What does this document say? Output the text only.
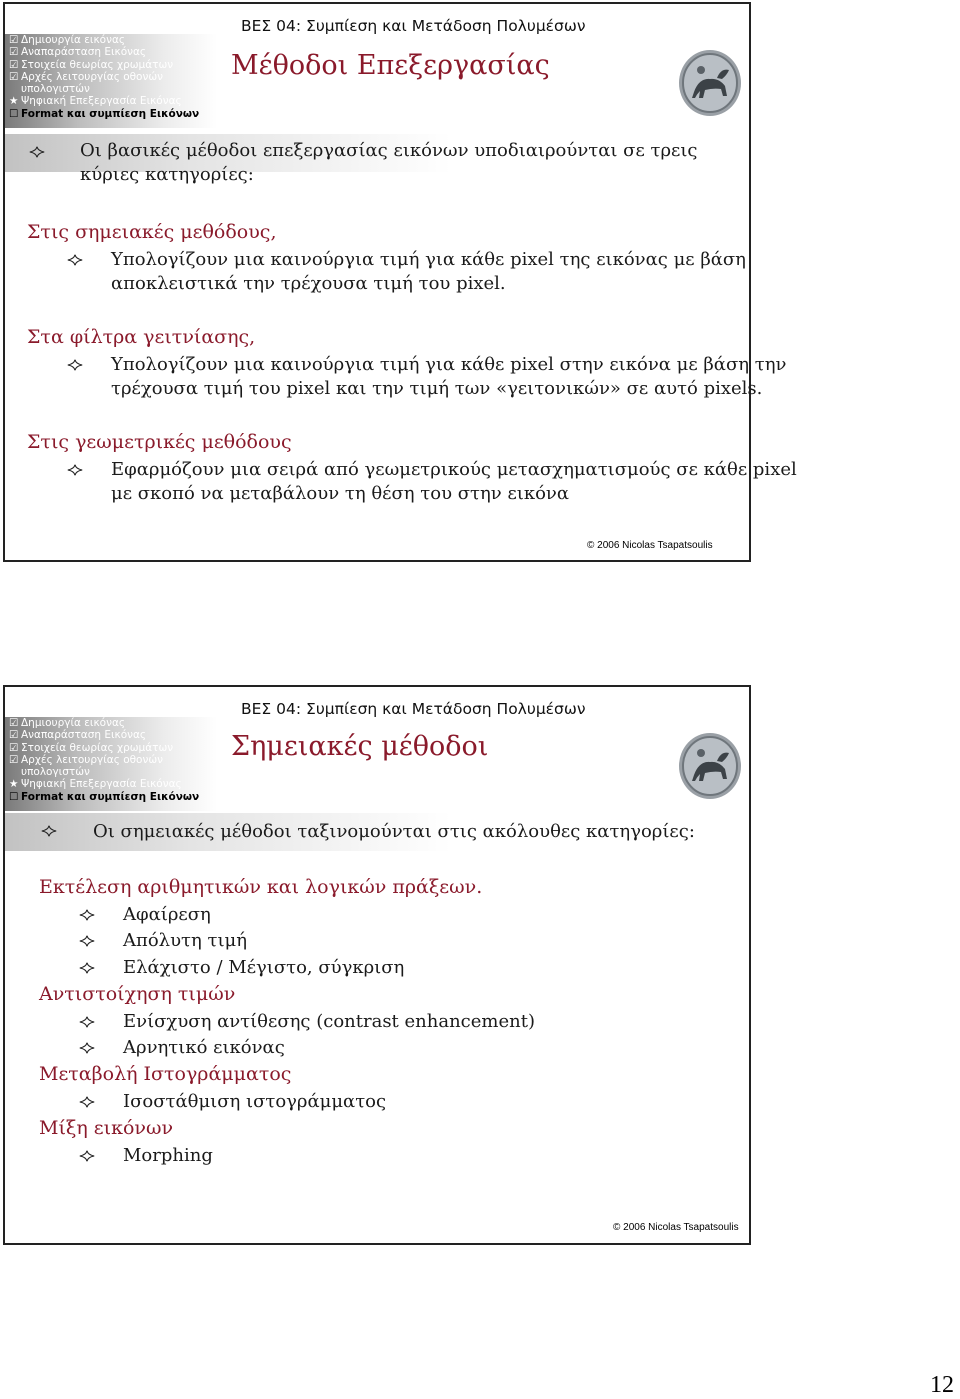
ΒΕΣ 04: Συμπίεση και Μετάδοση Πολυμέσων
☑ Δημιουργία εικόνας
☑ Αναπαράσταση Εικόνας
☑ Στοιχεία θεωρίας χρωμάτων
☑ Αρχές λειτουργίας οθονών
υπολογιστών
★ Ψηφιακή Επεξεργασία Εικόνας
☐ Format και συμπίεση Εικόνων
Μέθοδοι Επεξεργασίας
Οι βασικές μέθοδοι επεξεργασίας εικόνων υποδιαιρούνται σε τρεις
κύριες κατηγορίες:
Στις σημειακές μεθόδους,
Υπολογίζουν μια καινούργια τιμή για κάθε pixel της εικόνας με βάση
αποκλειστικά την τρέχουσα τιμή του pixel.
Στα φίλτρα γειτνίασης,
Υπολογίζουν μια καινούργια τιμή για κάθε pixel στην εικόνα με βάση την
τρέχουσα τιμή του pixel και την τιμή των «γειτονικών» σε αυτό pixels.
Στις γεωμετρικές μεθόδους
Εφαρμόζουν μια σειρά από γεωμετρικούς μετασχηματισμούς σε κάθε pixel
με σκοπό να μεταβάλουν τη θέση του στην εικόνα
© 2006 Nicolas Tsapatsoulis
ΒΕΣ 04: Συμπίεση και Μετάδοση Πολυμέσων
☑ Δημιουργία εικόνας
☑ Αναπαράσταση Εικόνας
☑ Στοιχεία θεωρίας χρωμάτων
☑ Αρχές λειτουργίας οθονών
υπολογιστών
★ Ψηφιακή Επεξεργασία Εικόνας
☐ Format και συμπίεση Εικόνων
Σημειακές μέθοδοι
Οι σημειακές μέθοδοι ταξινομούνται στις ακόλουθες κατηγορίες:
Εκτέλεση αριθμητικών και λογικών πράξεων.
Αφαίρεση
Απόλυτη τιμή
Ελάχιστο / Μέγιστο, σύγκριση
Αντιστοίχηση τιμών
Ενίσχυση αντίθεσης (contrast enhancement)
Αρνητικό εικόνας
Μεταβολή Ιστογράμματος
Ισοστάθμιση ιστογράμματος
Μίξη εικόνων
Morphing
© 2006 Nicolas Tsapatsoulis
12
